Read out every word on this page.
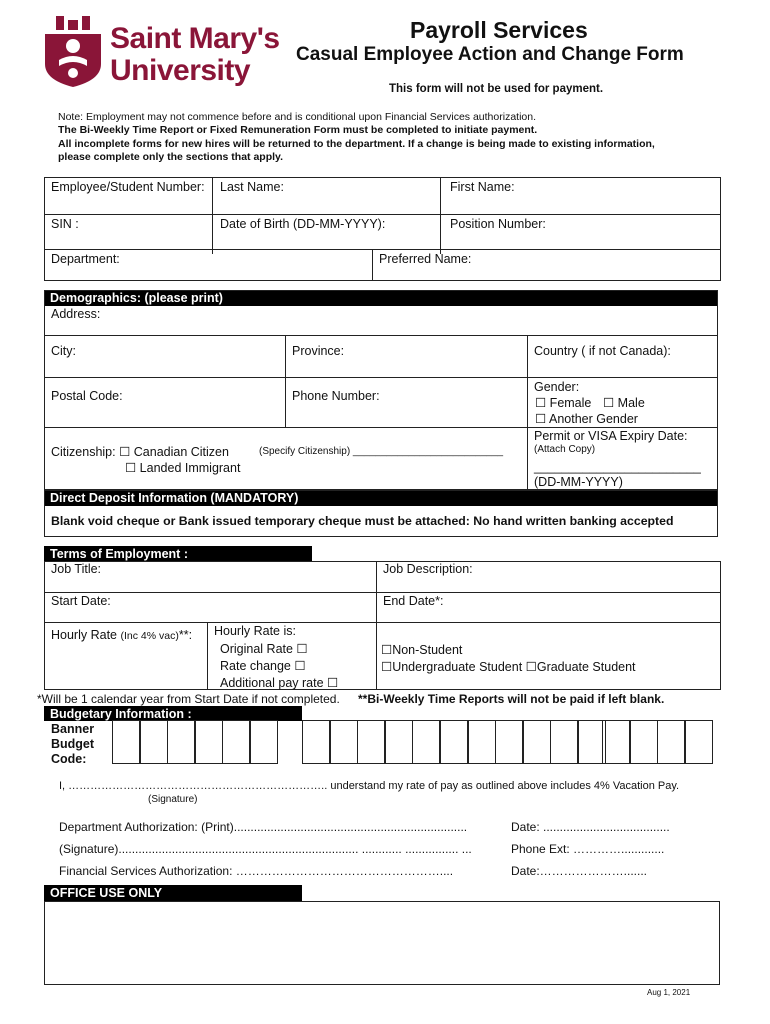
Saint Mary's
University
Payroll Services
Casual Employee Action and Change Form
This form will not be used for payment.
Note: Employment may not commence before and is conditional upon Financial Services authorization.
The Bi-Weekly Time Report or Fixed Remuneration Form must be completed to initiate payment.
All incomplete forms for new hires will be returned to the department. If a change is being made to existing information,
please complete only the sections that apply.
Employee/Student Number: Last Name:	First Name:
SIN :	Date of Birth (DD-MM-YYYY):	Position Number:
Department:	Preferred Name:
Demographics: (please print)
Address:
City:	Province:	Country ( if not Canada):
Postal Code:	Phone Number:
Gender:
☐ Female ☐ Male
☐ Another Gender
Citizenship: ☐ Canadian Citizen
☐ Landed Immigrant
(Specify Citizenship) ___________________________
Permit or VISA Expiry Date:
(Attach Copy)
________________________
(DD-MM-YYYY)
Direct Deposit Information (MANDATORY)
Blank void cheque or Bank issued temporary cheque must be attached: No hand written banking accepted
Terms of Employment :
Job Title:	Job Description:
Start Date:	End Date*:
Hourly Rate (Inc 4% vac)**: Hourly Rate is:
Original Rate ☐
Rate change ☐
Additional pay rate ☐
☐Non-Student
☐Undergraduate Student ☐Graduate Student
*Will be 1 calendar year from Start Date if not completed. **Bi-Weekly Time Reports will not be paid if left blank.
Budgetary Information :
Banner
Budget
Code:
I, …………………………………………………………….. understand my rate of pay as outlined above includes 4% Vacation Pay.
(Signature)
Department Authorization: (Print)......................................................................	Date: ......................................
(Signature)........................................................................ ............ ................ ...	Phone Ext: ………….............
Financial Services Authorization: ……………………………………………....	Date:………………….......
OFFICE USE ONLY
Aug 1, 2021
